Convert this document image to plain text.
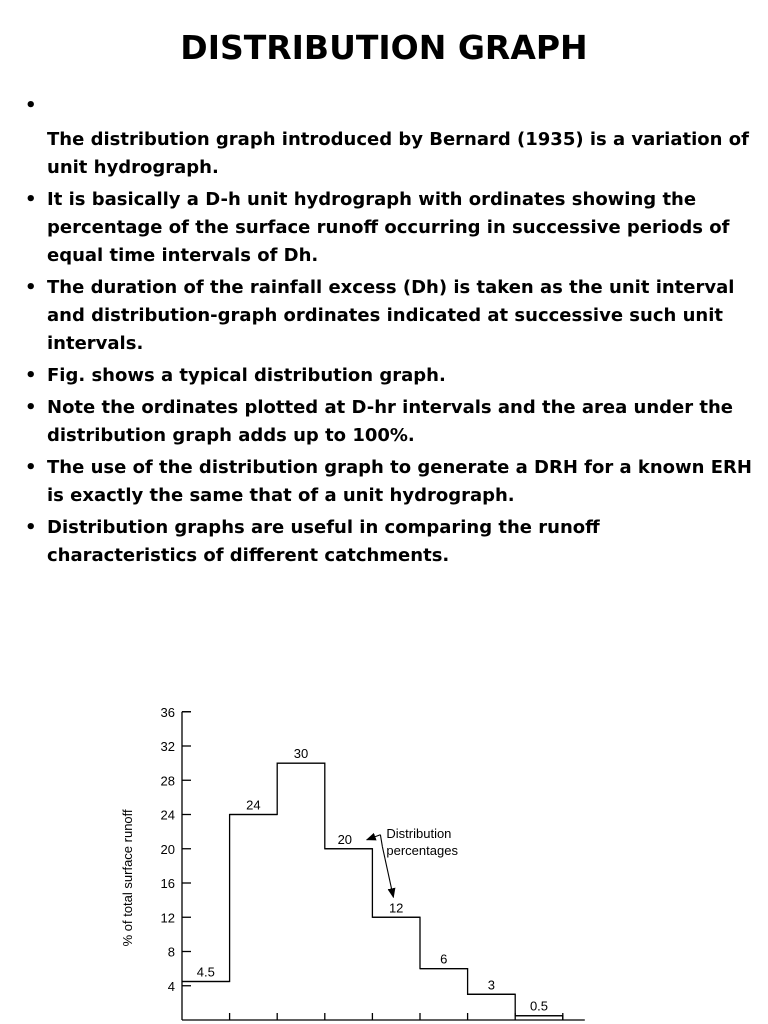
DISTRIBUTION GRAPH
•
The distribution graph introduced by Bernard (1935) is a variation of unit hydrograph.
• It is basically a D-h unit hydrograph with ordinates showing the percentage of the surface runoff occurring in successive periods of equal time intervals of Dh.
• The duration of the rainfall excess (Dh) is taken as the unit interval and distribution-graph ordinates indicated at successive such unit intervals.
• Fig. shows a typical distribution graph.
• Note the ordinates plotted at D-hr intervals and the area under the distribution graph adds up to 100%.
• The use of the distribution graph to generate a DRH for a known ERH is exactly the same that of a unit hydrograph.
• Distribution graphs are useful in comparing the runoff characteristics of different catchments.
4
8
12
16
20
24
28
32
36
4.5
24
30
20
12
6
3
0.5
% of total surface runoff	Distribution
percentages
